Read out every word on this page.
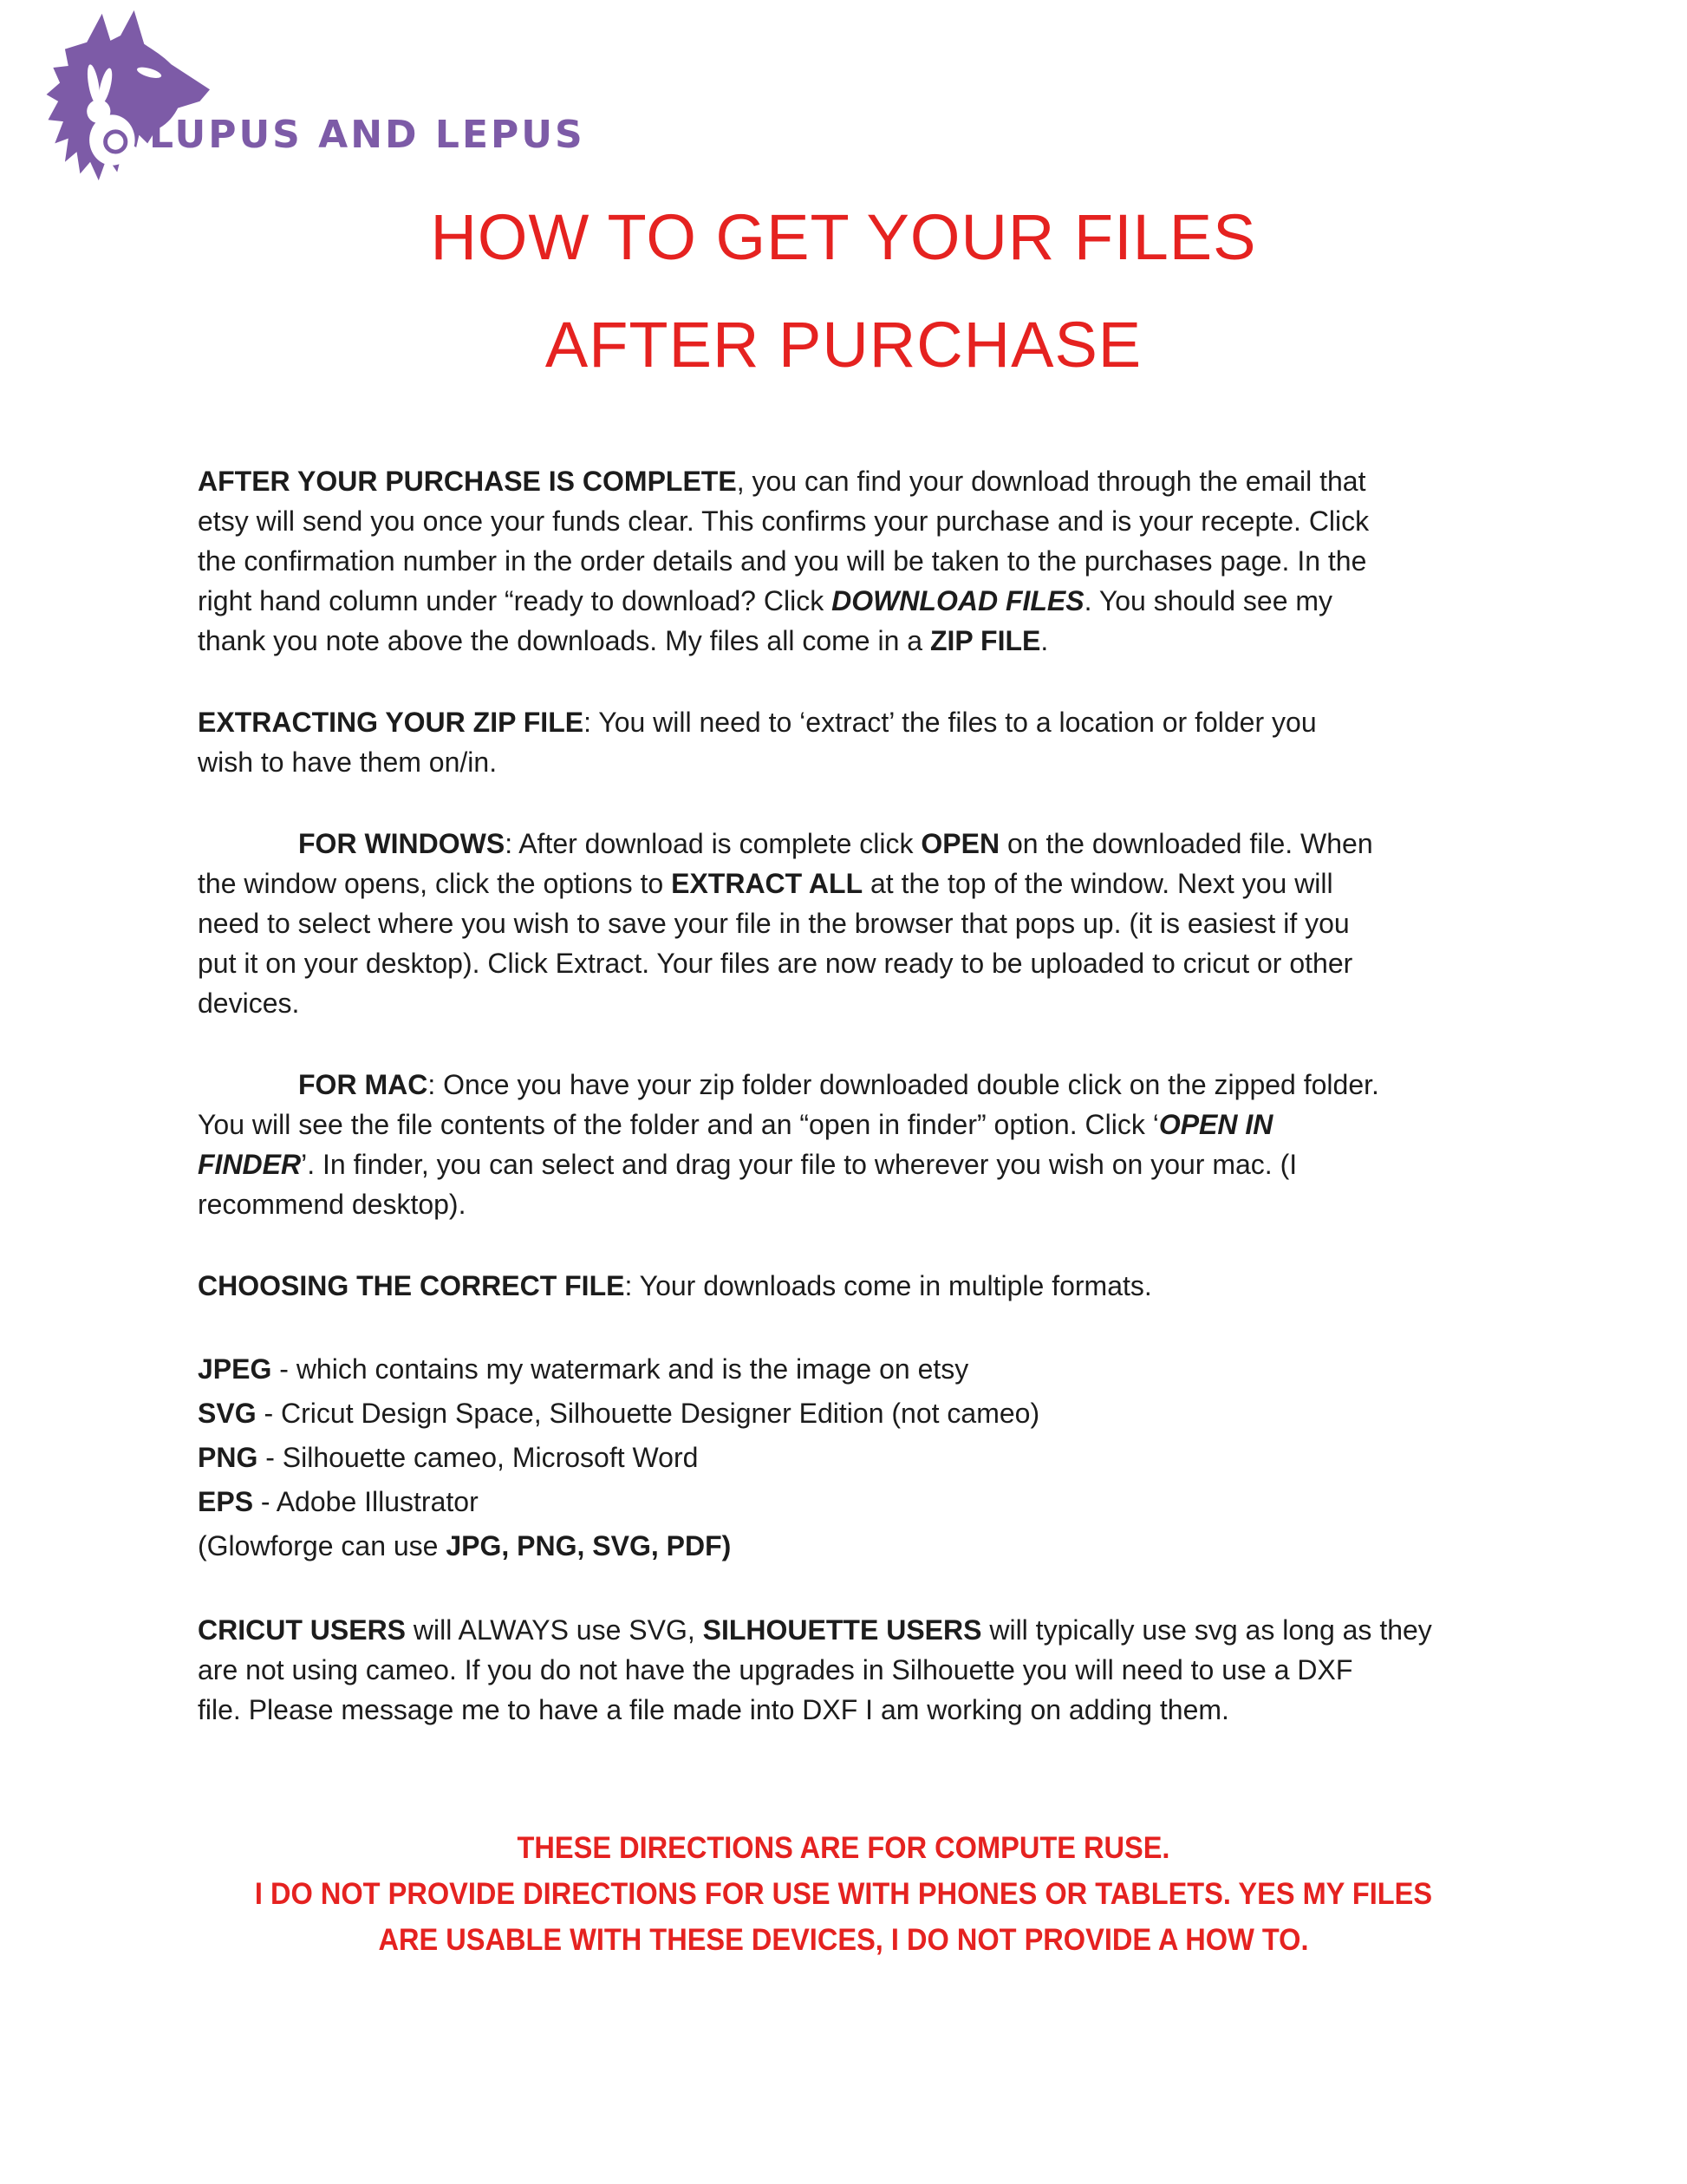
LUPUS AND LEPUS
HOW TO GET YOUR FILES
AFTER PURCHASE

AFTER YOUR PURCHASE IS COMPLETE, you can find your download through the email that
etsy will send you once your funds clear. This confirms your purchase and is your recepte. Click
the confirmation number in the order details and you will be taken to the purchases page. In the
right hand column under “ready to download? Click DOWNLOAD FILES. You should see my
thank you note above the downloads. My files all come in a ZIP FILE.

EXTRACTING YOUR ZIP FILE: You will need to ‘extract’ the files to a location or folder you
wish to have them on/in.

FOR WINDOWS: After download is complete click OPEN on the downloaded file. When
the window opens, click the options to EXTRACT ALL at the top of the window. Next you will
need to select where you wish to save your file in the browser that pops up. (it is easiest if you
put it on your desktop). Click Extract. Your files are now ready to be uploaded to cricut or other
devices.

FOR MAC: Once you have your zip folder downloaded double click on the zipped folder.
You will see the file contents of the folder and an “open in finder” option. Click ‘OPEN IN
FINDER’. In finder, you can select and drag your file to wherever you wish on your mac. (I
recommend desktop).

CHOOSING THE CORRECT FILE: Your downloads come in multiple formats.

JPEG - which contains my watermark and is the image on etsy
SVG - Cricut Design Space, Silhouette Designer Edition (not cameo)
PNG - Silhouette cameo, Microsoft Word
EPS - Adobe Illustrator
(Glowforge can use JPG, PNG, SVG, PDF)

CRICUT USERS will ALWAYS use SVG, SILHOUETTE USERS will typically use svg as long as they
are not using cameo. If you do not have the upgrades in Silhouette you will need to use a DXF
file. Please message me to have a file made into DXF I am working on adding them.

THESE DIRECTIONS ARE FOR COMPUTE RUSE.
I DO NOT PROVIDE DIRECTIONS FOR USE WITH PHONES OR TABLETS. YES MY FILES
ARE USABLE WITH THESE DEVICES, I DO NOT PROVIDE A HOW TO.
